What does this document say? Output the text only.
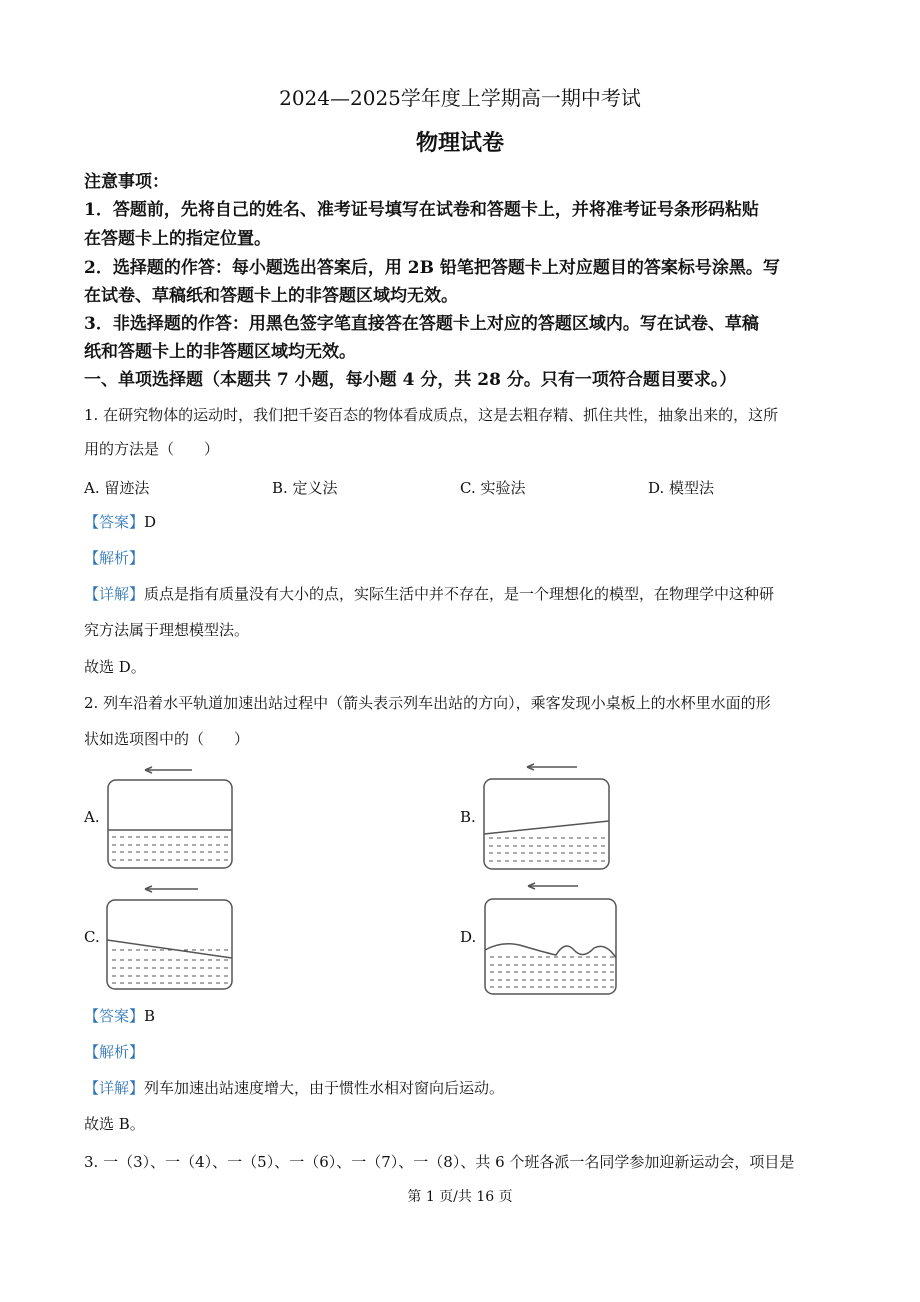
2024—2025学年度上学期高一期中考试
物理试卷
注意事项：
1．答题前，先将自己的姓名、准考证号填写在试卷和答题卡上，并将准考证号条形码粘贴
在答题卡上的指定位置。
2．选择题的作答：每小题选出答案后，用 2B 铅笔把答题卡上对应题目的答案标号涂黑。写
在试卷、草稿纸和答题卡上的非答题区域均无效。
3．非选择题的作答：用黑色签字笔直接答在答题卡上对应的答题区域内。写在试卷、草稿
纸和答题卡上的非答题区域均无效。
一、单项选择题（本题共 7 小题，每小题 4 分，共 28 分。只有一项符合题目要求。）
1. 在研究物体的运动时，我们把千姿百态的物体看成质点，这是去粗存精、抓住共性，抽象出来的，这所
用的方法是（　　）
A. 留迹法	B. 定义法	C. 实验法	D. 模型法
【答案】D
【解析】
【详解】质点是指有质量没有大小的点，实际生活中并不存在，是一个理想化的模型，在物理学中这种研
究方法属于理想模型法。
故选 D。
2. 列车沿着水平轨道加速出站过程中（箭头表示列车出站的方向），乘客发现小桌板上的水杯里水面的形
状如选项图中的（　　）
A.	B.
C.	D.
【答案】B
【解析】
【详解】列车加速出站速度增大，由于惯性水相对窗向后运动。
故选 B。
3. 一（3）、一（4）、一（5）、一（6）、一（7）、一（8）、共 6 个班各派一名同学参加迎新运动会，项目是
第 1 页/共 16 页
